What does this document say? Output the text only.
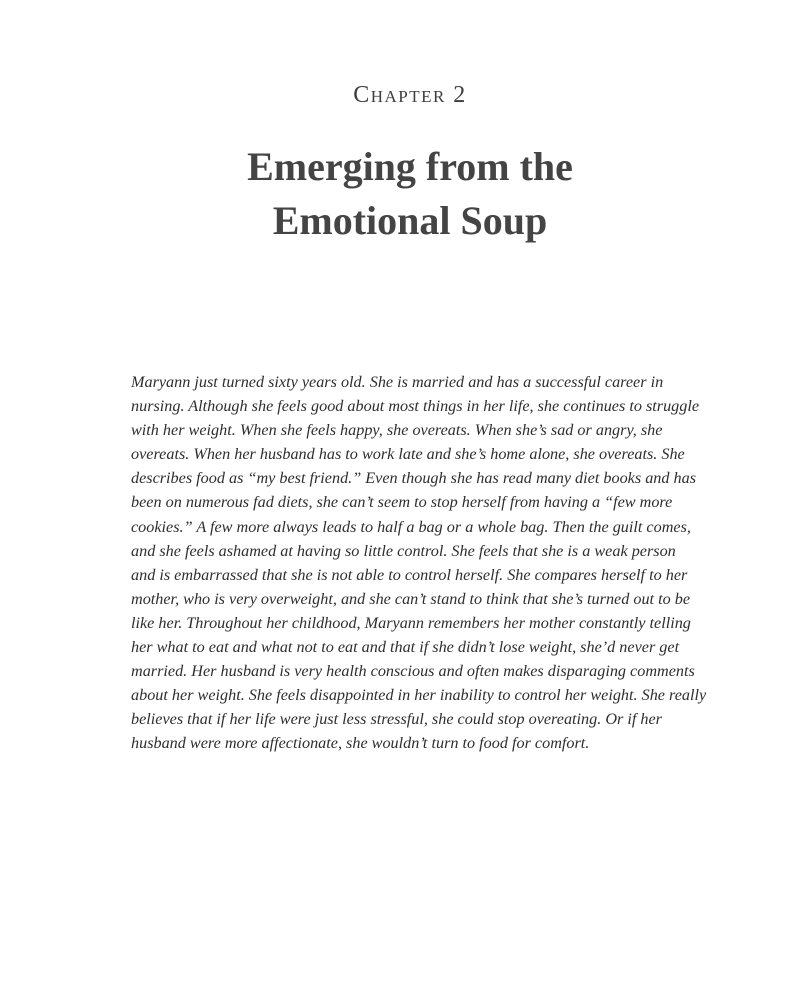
Chapter 2
Emerging from the
Emotional Soup

Maryann just turned sixty years old. She is married and has a successful career in
nursing. Although she feels good about most things in her life, she continues to struggle
with her weight. When she feels happy, she overeats. When she’s sad or angry, she
overeats. When her husband has to work late and she’s home alone, she overeats. She
describes food as “my best friend.” Even though she has read many diet books and has
been on numerous fad diets, she can’t seem to stop herself from having a “few more
cookies.” A few more always leads to half a bag or a whole bag. Then the guilt comes,
and she feels ashamed at having so little control. She feels that she is a weak person
and is embarrassed that she is not able to control herself. She compares herself to her
mother, who is very overweight, and she can’t stand to think that she’s turned out to be
like her. Throughout her childhood, Maryann remembers her mother constantly telling
her what to eat and what not to eat and that if she didn’t lose weight, she’d never get
married. Her husband is very health conscious and often makes disparaging comments
about her weight. She feels disappointed in her inability to control her weight. She really
believes that if her life were just less stressful, she could stop overeating. Or if her
husband were more affectionate, she wouldn’t turn to food for comfort.
